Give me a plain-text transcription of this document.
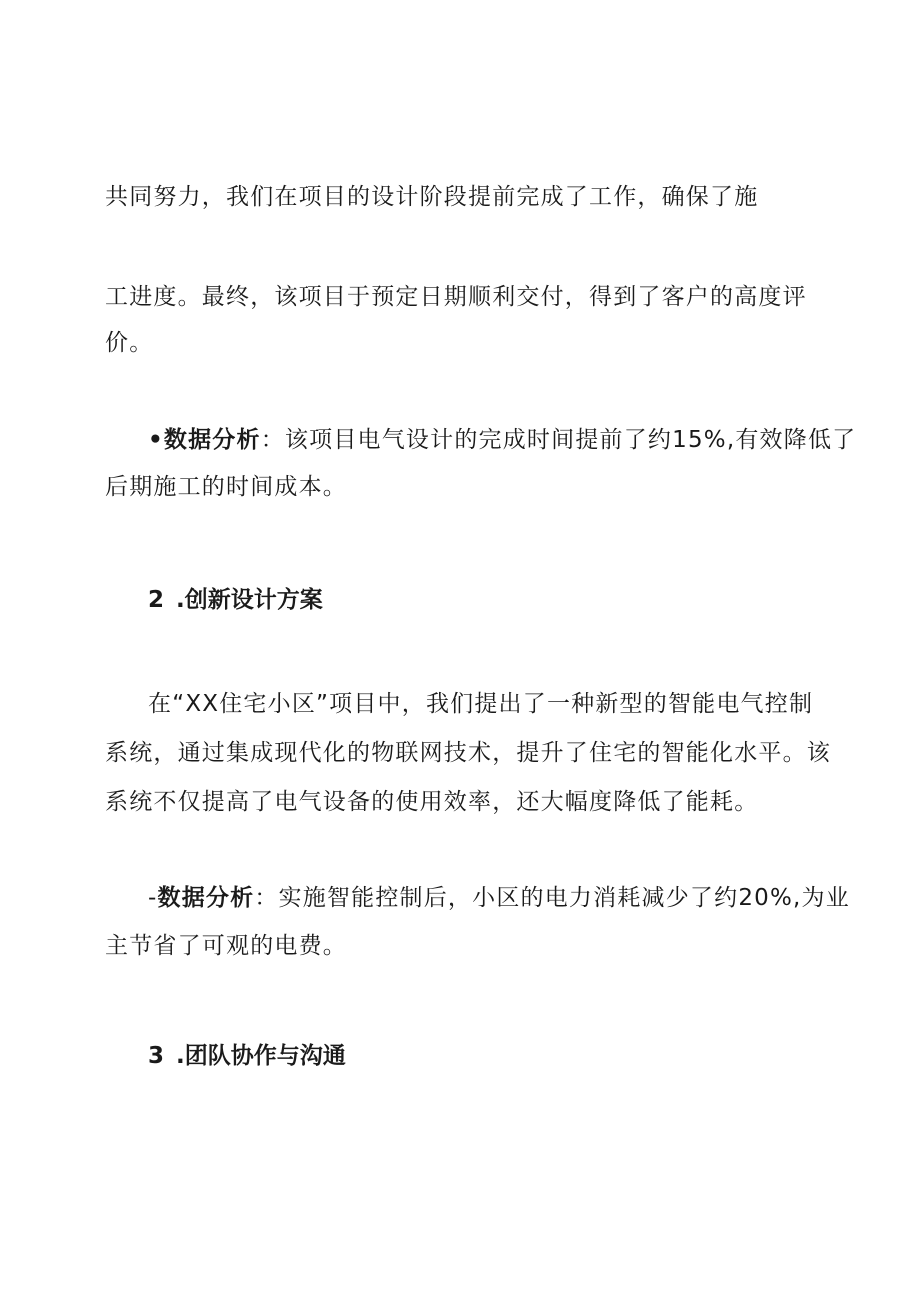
共同努力，我们在项目的设计阶段提前完成了工作，确保了施
工进度。最终，该项目于预定日期顺利交付，得到了客户的高度评
价。
•数据分析：该项目电气设计的完成时间提前了约15%,有效降低了
后期施工的时间成本。
2 .创新设计方案
在“XX住宅小区”项目中，我们提出了一种新型的智能电气控制
系统，通过集成现代化的物联网技术，提升了住宅的智能化水平。该
系统不仅提高了电气设备的使用效率，还大幅度降低了能耗。
-数据分析：实施智能控制后，小区的电力消耗减少了约20%,为业
主节省了可观的电费。
3 .团队协作与沟通
